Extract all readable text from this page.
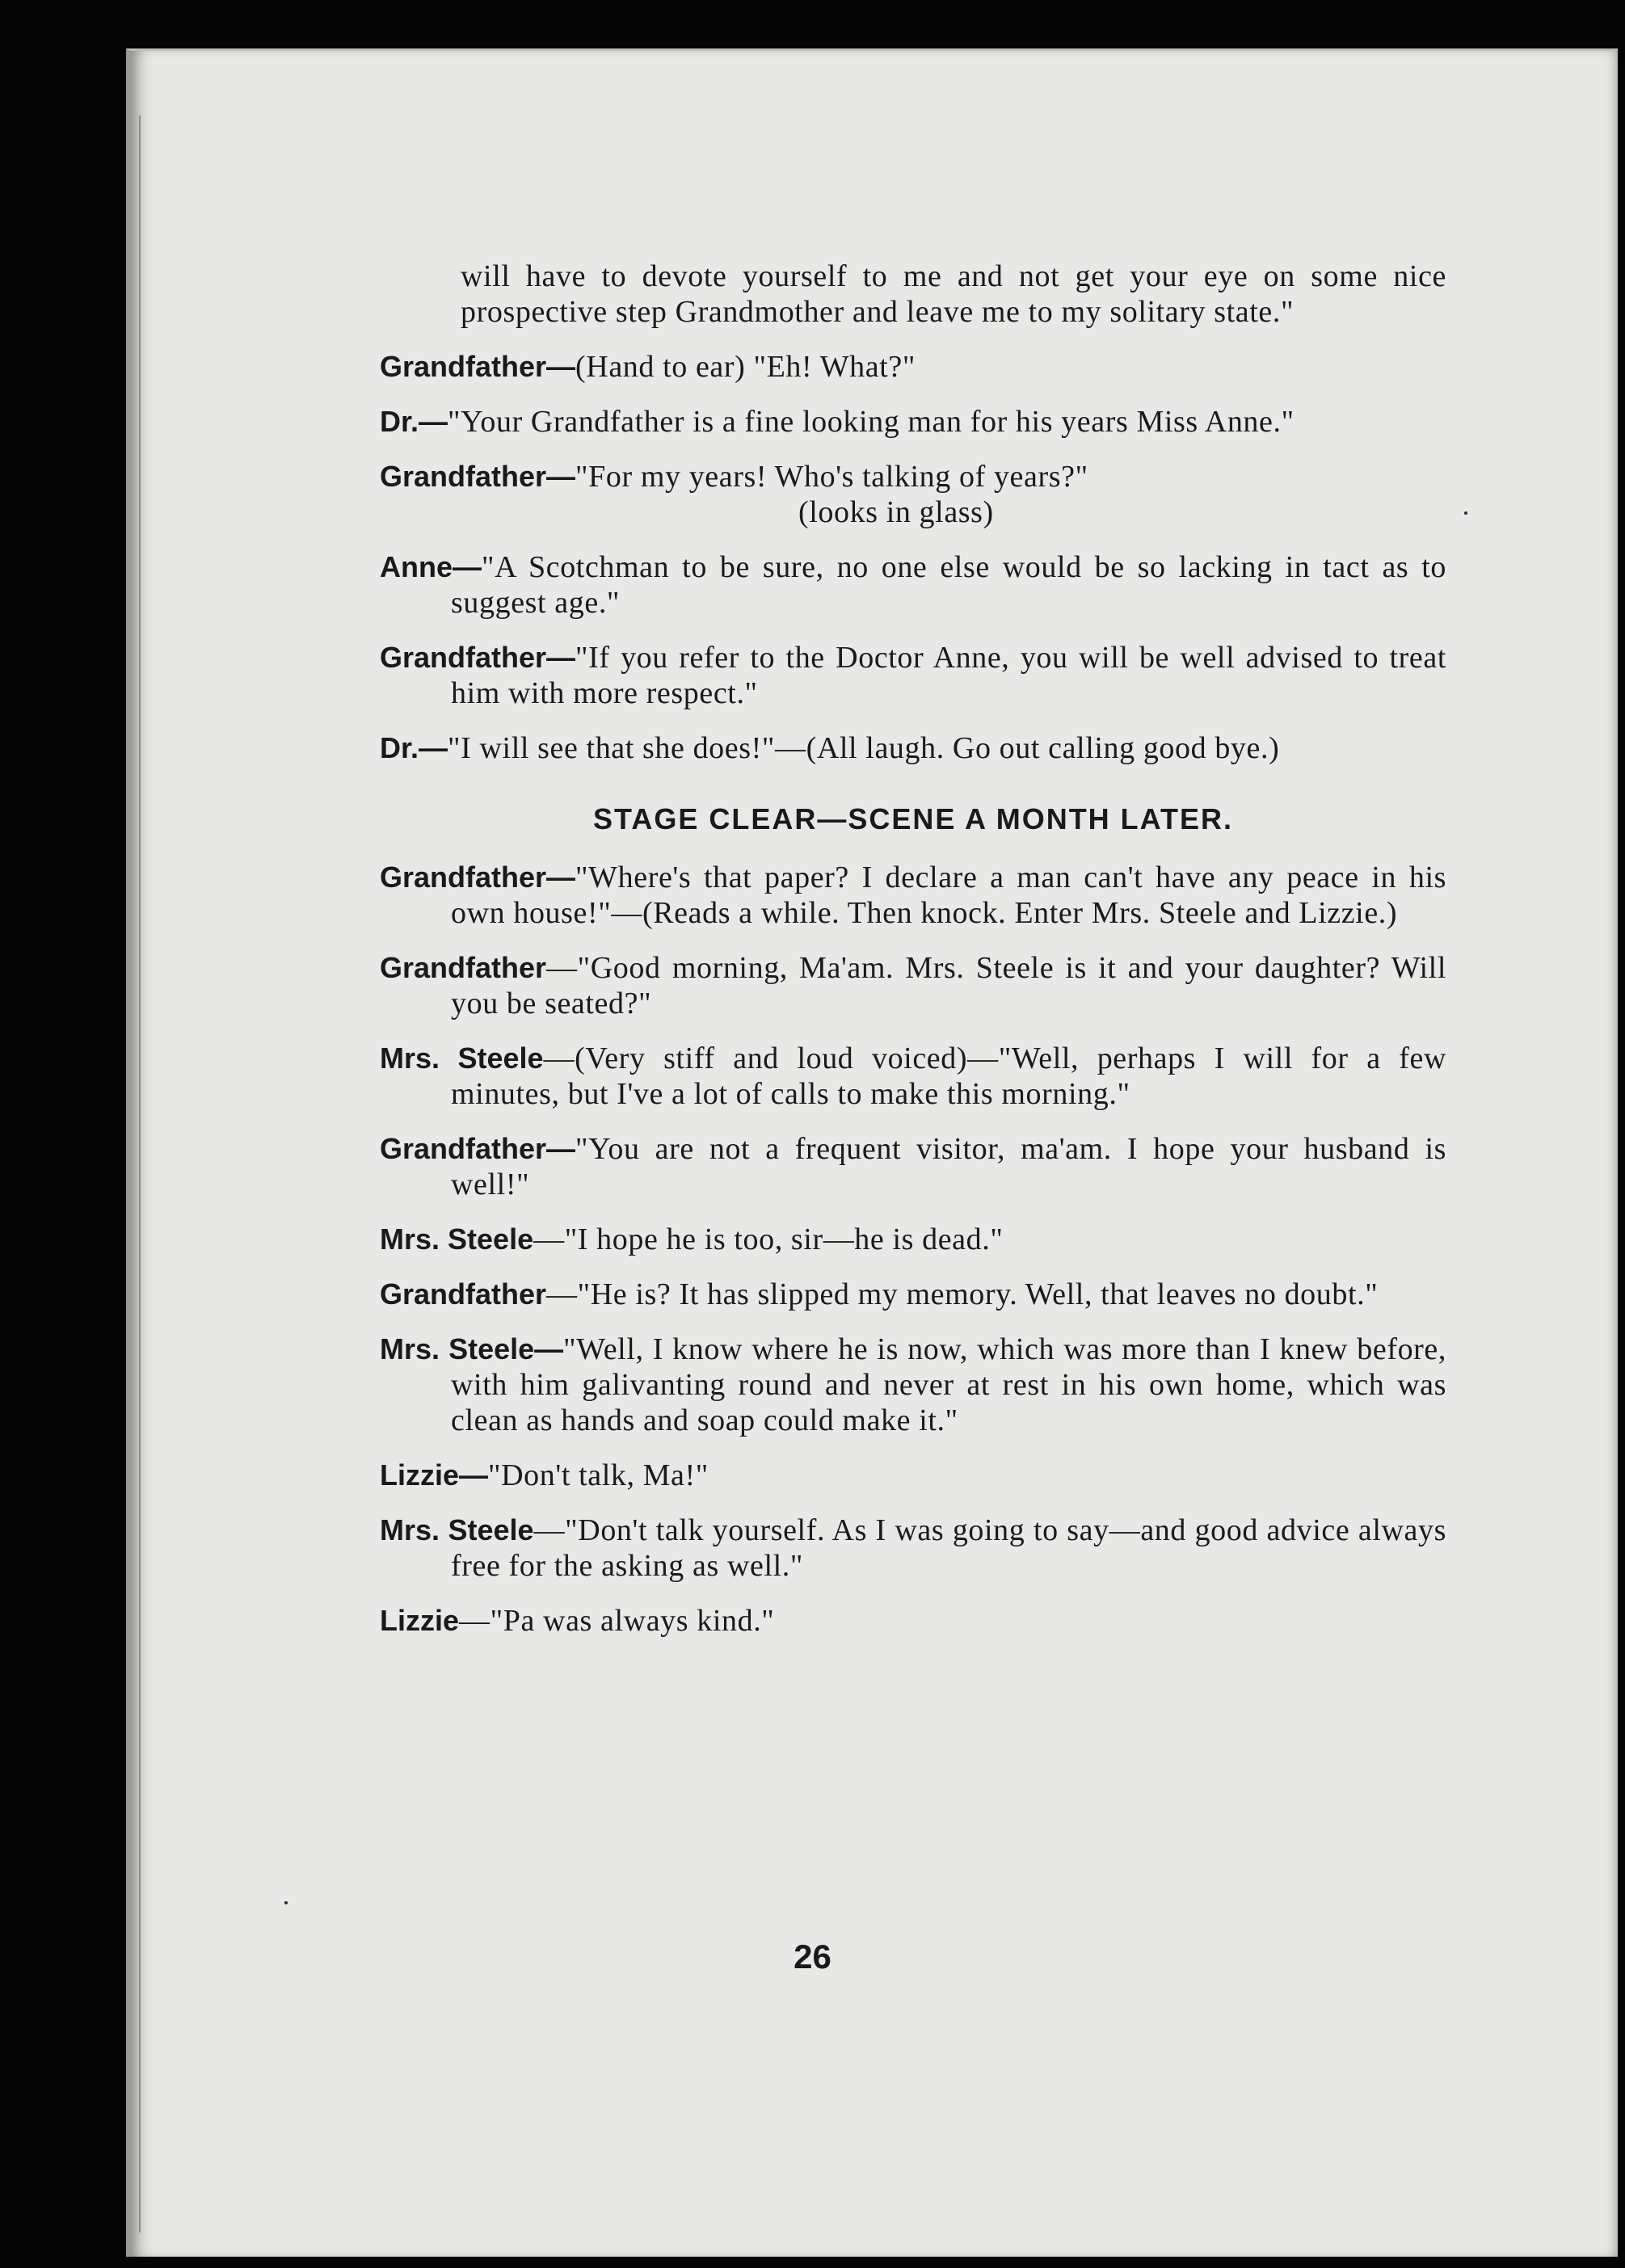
will have to devote yourself to me and not get your eye on some nice prospective step Grandmother and leave me to my solitary state."

Grandfather—(Hand to ear) "Eh! What?"

Dr.—"Your Grandfather is a fine looking man for his years Miss Anne."

Grandfather—"For my years! Who's talking of years?"
(looks in glass)

Anne—"A Scotchman to be sure, no one else would be so lacking in tact as to suggest age."

Grandfather—"If you refer to the Doctor Anne, you will be well advised to treat him with more respect."

Dr.—"I will see that she does!"—(All laugh. Go out calling good bye.)

STAGE CLEAR—SCENE A MONTH LATER.

Grandfather—"Where's that paper? I declare a man can't have any peace in his own house!"—(Reads a while. Then knock. Enter Mrs. Steele and Lizzie.)

Grandfather—"Good morning, Ma'am. Mrs. Steele is it and your daughter? Will you be seated?"

Mrs. Steele—(Very stiff and loud voiced)—"Well, perhaps I will for a few minutes, but I've a lot of calls to make this morning."

Grandfather—"You are not a frequent visitor, ma'am. I hope your husband is well!"

Mrs. Steele—"I hope he is too, sir—he is dead."

Grandfather—"He is? It has slipped my memory. Well, that leaves no doubt."

Mrs. Steele—"Well, I know where he is now, which was more than I knew before, with him galivanting round and never at rest in his own home, which was clean as hands and soap could make it."

Lizzie—"Don't talk, Ma!"

Mrs. Steele—"Don't talk yourself. As I was going to say—and good advice always free for the asking as well."

Lizzie—"Pa was always kind."

26
